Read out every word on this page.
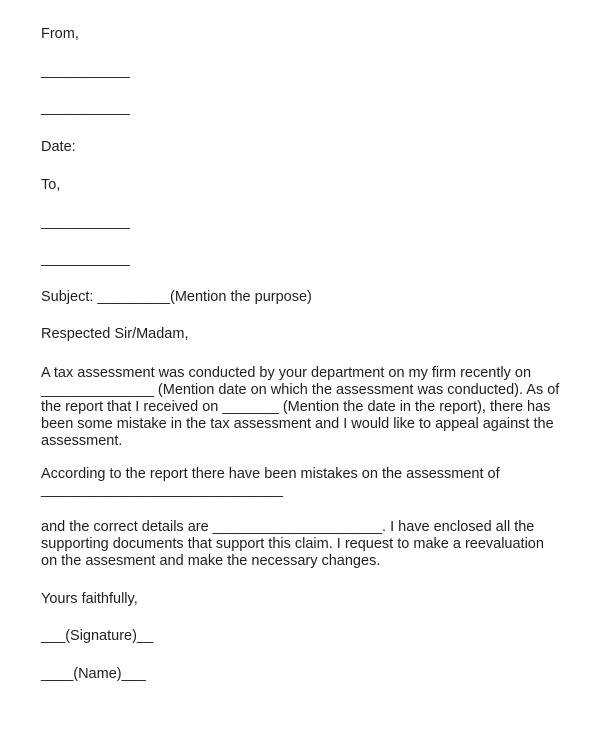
From,
___________
___________
Date:
To,
___________
___________
Subject: _________(Mention the purpose)
Respected Sir/Madam,
A tax assessment was conducted by your department on my firm recently on
______________ (Mention date on which the assessment was conducted). As of
the report that I received on _______ (Mention the date in the report), there has
been some mistake in the tax assessment and I would like to appeal against the
assessment.
According to the report there have been mistakes on the assessment of
______________________________
and the correct details are _____________________. I have enclosed all the
supporting documents that support this claim. I request to make a reevaluation
on the assesment and make the necessary changes.
Yours faithfully,
___(Signature)__
____(Name)___
